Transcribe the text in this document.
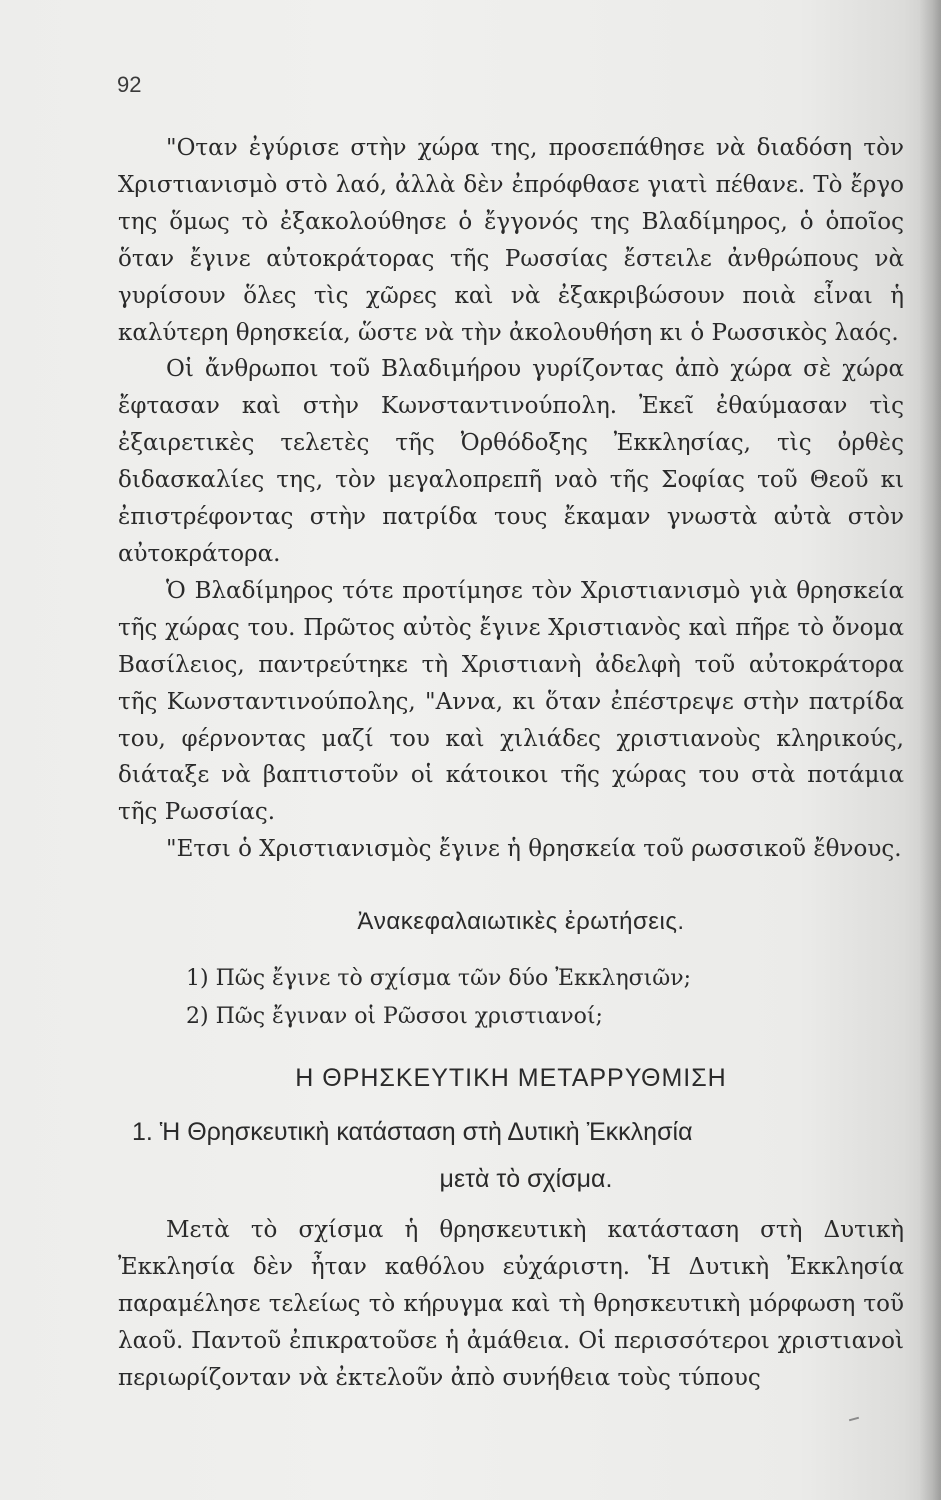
92

"Οταν ἐγύρισε στὴν χώρα της, προσεπάθησε νὰ διαδόση τὸν Χριστιανισμὸ στὸ λαό, ἀλλὰ δὲν ἐπρόφθασε γιατὶ πέθανε. Τὸ ἔργο της ὅμως τὸ ἐξακολούθησε ὁ ἔγγονός της Βλαδίμηρος, ὁ ὁποῖος ὅταν ἔγινε αὐτοκράτορας τῆς Ρωσσίας ἔστειλε ἀνθρώπους νὰ γυρίσουν ὅλες τὶς χῶρες καὶ νὰ ἐξακριβώσουν ποιὰ εἶναι ἡ καλύτερη θρησκεία, ὥστε νὰ τὴν ἀκολουθήση κι ὁ Ρωσσικὸς λαός.

Οἱ ἄνθρωποι τοῦ Βλαδιμήρου γυρίζοντας ἀπὸ χώρα σὲ χώρα ἔφτασαν καὶ στὴν Κωνσταντινούπολη. Ἐκεῖ ἐθαύμασαν τὶς ἐξαιρετικὲς τελετὲς τῆς Ὀρθόδοξης Ἐκκλησίας, τὶς ὀρθὲς διδασκαλίες της, τὸν μεγαλοπρεπῆ ναὸ τῆς Σοφίας τοῦ Θεοῦ κι ἐπιστρέφοντας στὴν πατρίδα τους ἔκαμαν γνωστὰ αὐτὰ στὸν αὐτοκράτορα.

Ὁ Βλαδίμηρος τότε προτίμησε τὸν Χριστιανισμὸ γιὰ θρησκεία τῆς χώρας του. Πρῶτος αὐτὸς ἔγινε Χριστιανὸς καὶ πῆρε τὸ ὄνομα Βασίλειος, παντρεύτηκε τὴ Χριστιανὴ ἀδελφὴ τοῦ αὐτοκράτορα τῆς Κωνσταντινούπολης, "Αννα, κι ὅταν ἐπέστρεψε στὴν πατρίδα του, φέρνοντας μαζί του καὶ χιλιάδες χριστιανοὺς κληρικούς, διάταξε νὰ βαπτιστοῦν οἱ κάτοικοι τῆς χώρας του στὰ ποτάμια τῆς Ρωσσίας.

"Ετσι ὁ Χριστιανισμὸς ἔγινε ἡ θρησκεία τοῦ ρωσσικοῦ ἔθνους.

Ἀνακεφαλαιωτικὲς ἐρωτήσεις.

1) Πῶς ἔγινε τὸ σχίσμα τῶν δύο Ἐκκλησιῶν;

2) Πῶς ἔγιναν οἱ Ρῶσσοι χριστιανοί;

Η ΘΡΗΣΚΕΥΤΙΚΗ ΜΕΤΑΡΡΥΘΜΙΣΗ
1. Ἡ Θρησκευτικὴ κατάσταση στὴ Δυτικὴ Ἐκκλησία
μετὰ τὸ σχίσμα.

Μετὰ τὸ σχίσμα ἡ θρησκευτικὴ κατάσταση στὴ Δυτικὴ Ἐκκλησία δὲν ἦταν καθόλου εὐχάριστη. Ἡ Δυτικὴ Ἐκκλησία παραμέλησε τελείως τὸ κήρυγμα καὶ τὴ θρησκευτικὴ μόρφωση τοῦ λαοῦ. Παντοῦ ἐπικρατοῦσε ἡ ἀμάθεια. Οἱ περισσότεροι χριστιανοὶ περιωρίζονταν νὰ ἐκτελοῦν ἀπὸ συνήθεια τοὺς τύπους
